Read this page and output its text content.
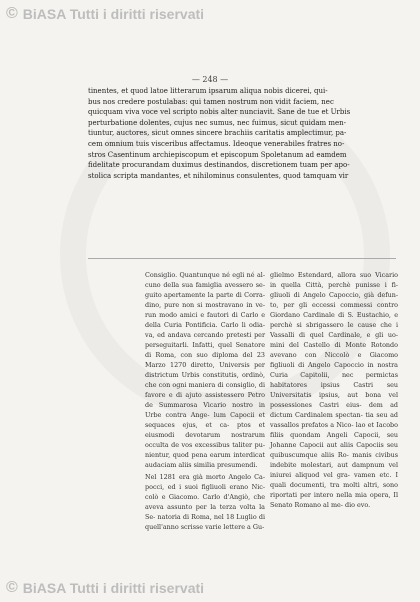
© BiASA Tutti i diritti riservati
— 248 —

tinentes, et quod latoe litterarum ipsarum aliqua nobis dicerei, qui-

bus nos credere postulabas: qui tamen nostrum non vidit faciem, nec

quicquam viva voce vel scripto nobis alter nunciavit. Sane de tue et Urbis

perturbatione dolentes, cujus nec sumus, nec fuimus, sicut quidam men-

tiuntur, auctores, sicut omnes sincere brachiis caritatis amplectimur, pa-

cem omnium tuis visceribus affectamus. Ideoque venerabiles fratres no-

stros Casentinum archiepiscopum et episcopum Spoletanum ad eamdem

fidelitate procurandam duximus destinandos, discretionem tuam per apo-

stolica scripta mandantes, et nihilominus consulentes, quod tamquam vir

Consiglio. Quantunque né egli né al- cuno della sua famiglia avessero se- guito apertamente la parte di Corra- dino, pure non si mostravano in ve- run modo amici e fautori di Carlo e della Curia Pontificia. Carlo li odia- va, ed andava cercando pretesti per perseguitarli. Infatti, quel Senatore di Roma, con suo diploma del 23 Marzo 1270 diretto, Universis per districtum Urbis constitutis, ordinò, che con ogni maniera di consiglio, di favore e di ajuto assistessero Petro de Summarosa Vicario nostro in Urbe contra Ange- lum Capocii et sequaces ejus, et ca- ptos et eiusmodi devotarum nostrarum occulta de vos excessibus taliter pu- nientur, quod pena earum interdicat audaciam aliis similia presumendi.

Nel 1281 era già morto Angelo Ca- pocci, ed i suoi figliuoli erano Nic- colò e Giacomo. Carlo d'Angiò, che aveva assunto per la terza volta la Se- natoria di Roma, nel 18 Luglio di quell'anno scrisse varie lettere a Gu-

glielmo Estendard, allora suo Vicario in quella Città, perchè punisse i fi- gliuoli di Angelo Capoccio, già defun- to, per gli eccessi commessi contro Giordano Cardinale di S. Eustachio, e perchè si sbrigassero le cause che i Vassalli di quel Cardinale, e gli uo- mini del Castello di Monte Rotondo avevano con Niccolò e Giacomo figliuoli di Angelo Capoccio in nostra Curia Capitolii, nec permictas habitatores ipsius Castri seu Universitatis ipsius, aut bona vel possessiones Castri eius- dem ad dictum Cardinalem spectan- tia seu ad vassallos prefatos a Nico- lao et Iacobo filiis quondam Angeli Capocii, seu Johanne Capocii aut aliis Capociis seu quibuscumque aliis Ro- manis civibus indebite molestari, aut dampnum vel iniurei aliquod vel gra- vamen etc. I quali documenti, tra molti altri, sono riportati per intero nella mia opera, Il Senato Romano al me- dio evo.

© BiASA Tutti i diritti riservati
